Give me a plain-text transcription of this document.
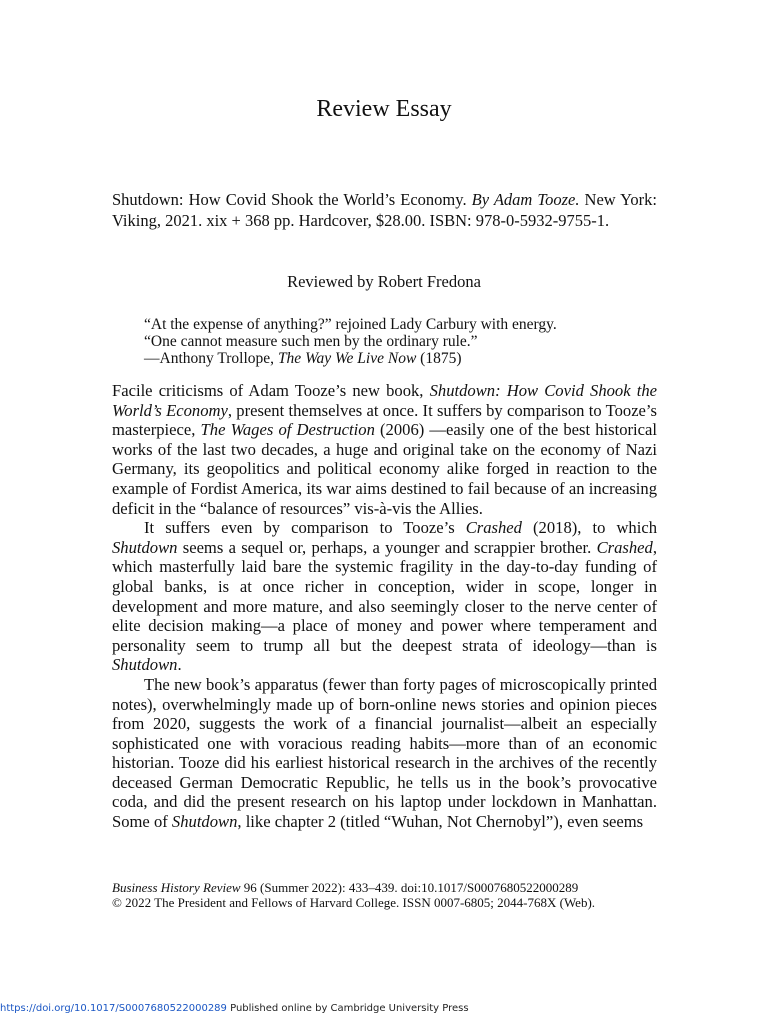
Review Essay
Shutdown: How Covid Shook the World’s Economy. By Adam Tooze. New York: Viking, 2021. xix + 368 pp. Hardcover, $28.00. ISBN: 978-0-5932-9755-1.
Reviewed by Robert Fredona
“At the expense of anything?” rejoined Lady Carbury with energy.
“One cannot measure such men by the ordinary rule.”
—Anthony Trollope, The Way We Live Now (1875)

Facile criticisms of Adam Tooze’s new book, Shutdown: How Covid Shook the World’s Economy, present themselves at once. It suffers by comparison to Tooze’s masterpiece, The Wages of Destruction (2006) —easily one of the best historical works of the last two decades, a huge and original take on the economy of Nazi Germany, its geopolitics and political economy alike forged in reaction to the example of Fordist America, its war aims destined to fail because of an increasing deficit in the “balance of resources” vis-à-vis the Allies.

It suffers even by comparison to Tooze’s Crashed (2018), to which Shutdown seems a sequel or, perhaps, a younger and scrappier brother. Crashed, which masterfully laid bare the systemic fragility in the day-to-day funding of global banks, is at once richer in conception, wider in scope, longer in development and more mature, and also seemingly closer to the nerve center of elite decision making—a place of money and power where temperament and personality seem to trump all but the deepest strata of ideology—than is Shutdown.

The new book’s apparatus (fewer than forty pages of microscopically printed notes), overwhelmingly made up of born-online news stories and opinion pieces from 2020, suggests the work of a financial journalist—albeit an especially sophisticated one with voracious reading habits—more than of an economic historian. Tooze did his earliest historical research in the archives of the recently deceased German Democratic Republic, he tells us in the book’s provocative coda, and did the present research on his laptop under lockdown in Manhattan. Some of Shutdown, like chapter 2 (titled “Wuhan, Not Chernobyl”), even seems

Business History Review 96 (Summer 2022): 433–439. doi:10.1017/S0007680522000289
© 2022 The President and Fellows of Harvard College. ISSN 0007-6805; 2044-768X (Web).
https://doi.org/10.1017/S0007680522000289 Published online by Cambridge University Press
